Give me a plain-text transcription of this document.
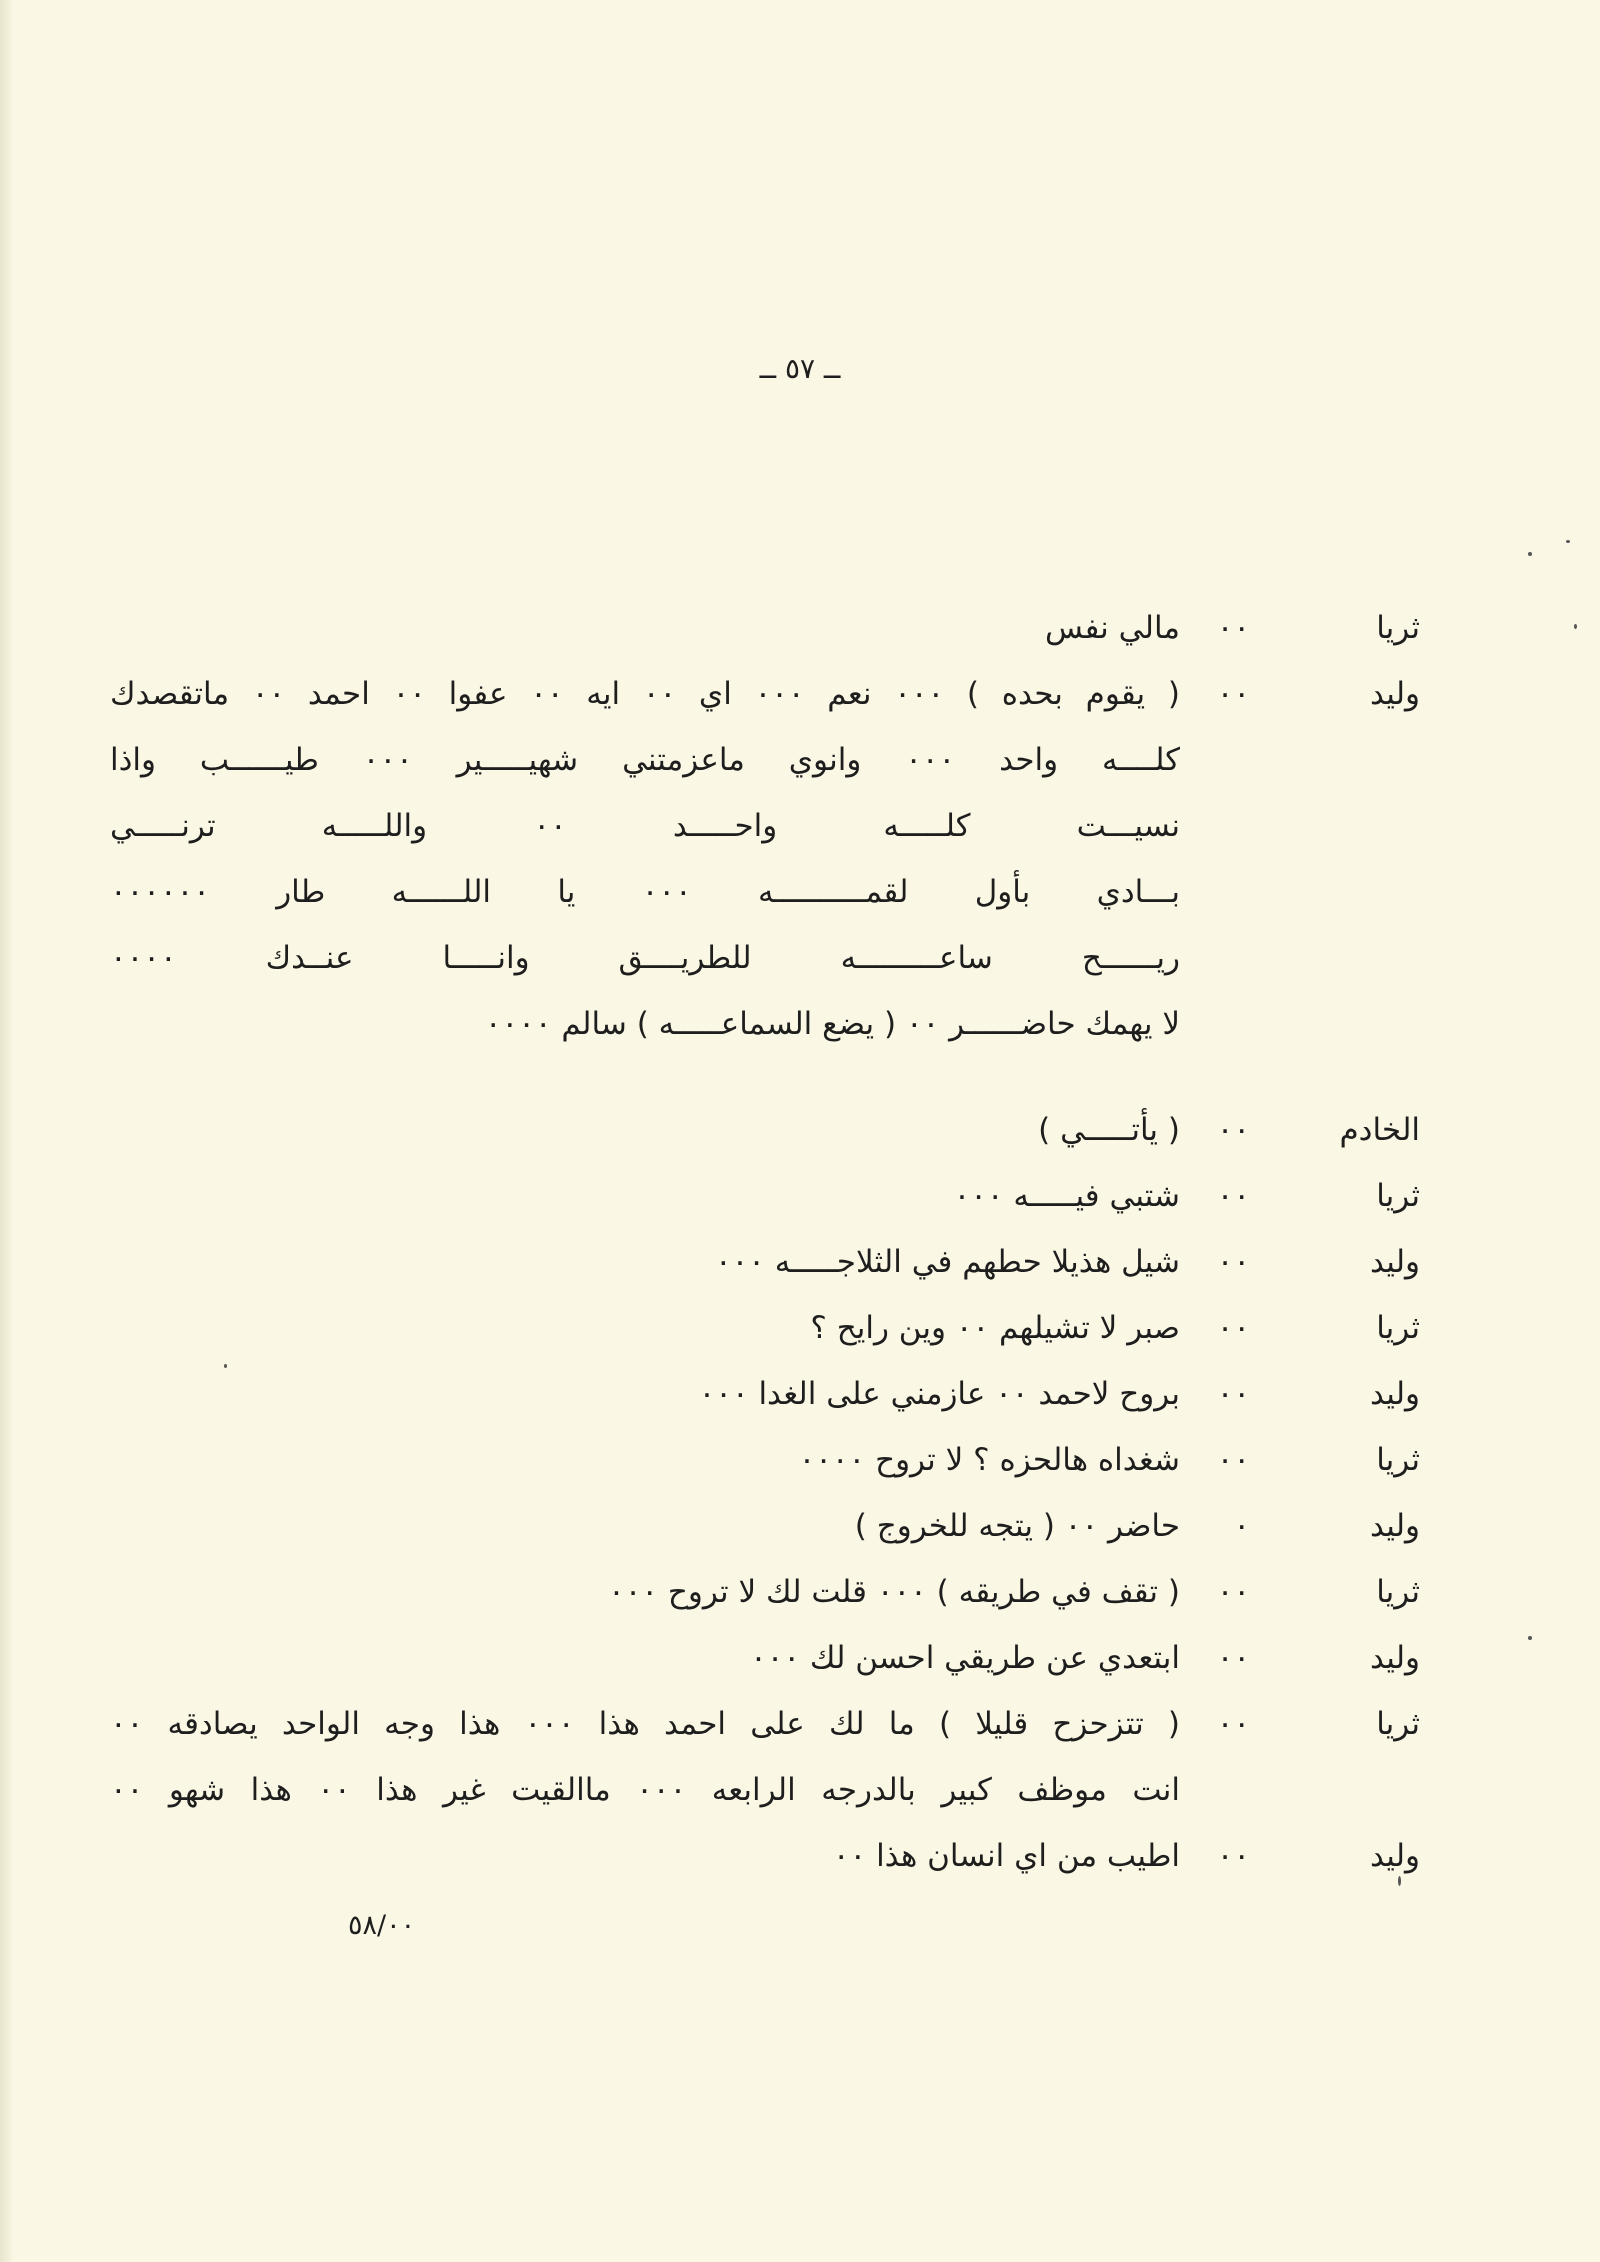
ــ ٥٧ ــ
ثريا
٠٠
مالي نفس
وليد
٠٠
( يقوم بحده ) ٠٠٠ نعم ٠٠٠ اي ٠٠ ايه ٠٠ عفوا ٠٠ احمد ٠٠ ماتقصدك
كلــــه واحد ٠٠٠ وانوي ماعزمتني شهيـــــير ٠٠٠ طيــــــب واذا
نسيـــت كلـــــه واحـــــد ٠٠ واللـــــه ترنـــــي
بـــادي بأول لقمــــــــــه ٠٠٠ يا اللــــــه طار ٠٠٠٠٠٠
ريــــــح ساعـــــــــه للطريــــق وانـــــا عنــدك ٠٠٠٠
لا يهمك حاضــــــر ٠٠ ( يضع السماعـــــه ) سالم ٠٠٠٠
الخادم
٠٠
( يأتـــــي )
ثريا
٠٠
شتبي فيـــــه ٠٠٠
وليد
٠٠
شيل هذيلا حطهم في الثلاجـــــه ٠٠٠
ثريا
٠٠
صبر لا تشيلهم ٠٠ وين رايح ؟
وليد
٠٠
بروح لاحمد ٠٠ عازمني على الغدا ٠٠٠
ثريا
٠٠
شغداه هالحزه ؟ لا تروح ٠٠٠٠
وليد
٠
حاضر ٠٠ ( يتجه للخروج )
ثريا
٠٠
( تقف في طريقه ) ٠٠٠ قلت لك لا تروح ٠٠٠
وليد
٠٠
ابتعدي عن طريقي احسن لك ٠٠٠
ثريا
٠٠
( تتزحزح قليلا ) ما لك على احمد هذا ٠٠٠ هذا وجه الواحد يصادقه ٠٠
انت موظف كبير بالدرجه الرابعه ٠٠٠ ماالقيت غير هذا ٠٠ هذا شهو ٠٠
وليد
٠٠
اطيب من اي انسان هذا ٠٠
٥٨/٠٠
